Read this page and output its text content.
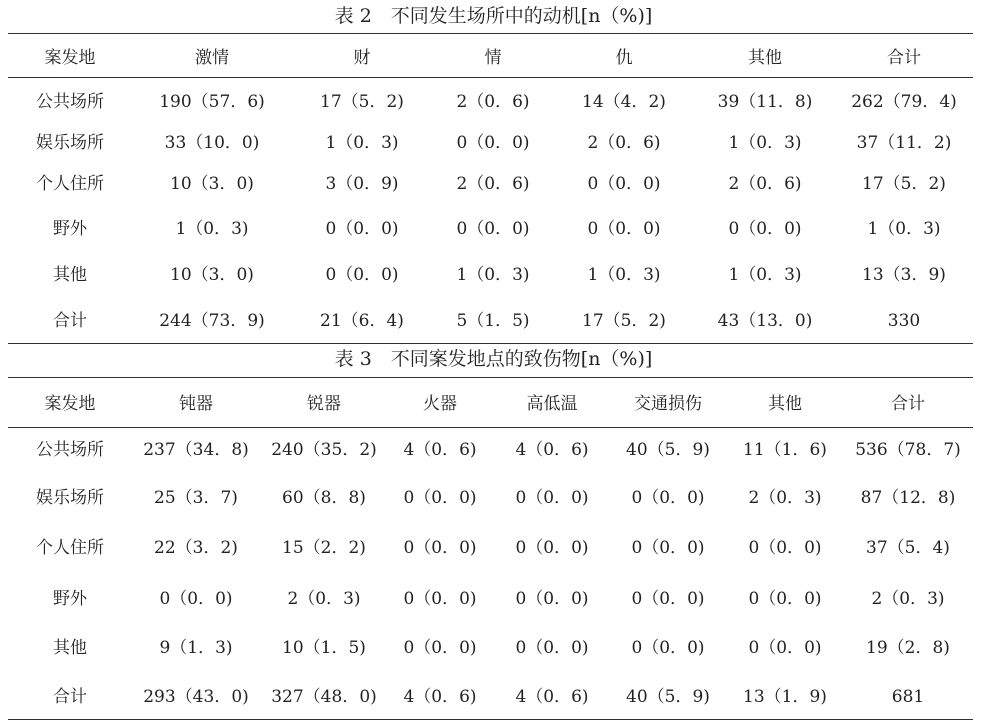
表 2　不同发生场所中的动机[n（%)]
案发地	激情	财	情	仇	其他	合计
公共场所	190（57．6)	17（5．2)	2（0．6)	14（4．2)	39（11．8)	262（79．4)
娱乐场所	33（10．0)	1（0．3)	0（0．0)	2（0．6)	1（0．3)	37（11．2)
个人住所	10（3．0)	3（0．9)	2（0．6)	0（0．0)	2（0．6)	17（5．2)
野外	1（0．3)	0（0．0)	0（0．0)	0（0．0)	0（0．0)	1（0．3)
其他	10（3．0)	0（0．0)	1（0．3)	1（0．3)	1（0．3)	13（3．9)
合计	244（73．9)	21（6．4)	5（1．5)	17（5．2)	43（13．0)	330
表 3　不同案发地点的致伤物[n（%)]
案发地	钝器	锐器	火器	高低温	交通损伤	其他	合计
公共场所	237（34．8)	240（35．2)	4（0．6)	4（0．6)	40（5．9)	11（1．6)	536（78．7)
娱乐场所	25（3．7)	60（8．8)	0（0．0)	0（0．0)	0（0．0)	2（0．3)	87（12．8)
个人住所	22（3．2)	15（2．2)	0（0．0)	0（0．0)	0（0．0)	0（0．0)	37（5．4)
野外	0（0．0)	2（0．3)	0（0．0)	0（0．0)	0（0．0)	0（0．0)	2（0．3)
其他	9（1．3)	10（1．5)	0（0．0)	0（0．0)	0（0．0)	0（0．0)	19（2．8)
合计	293（43．0)	327（48．0)	4（0．6)	4（0．6)	40（5．9)	13（1．9)	681
